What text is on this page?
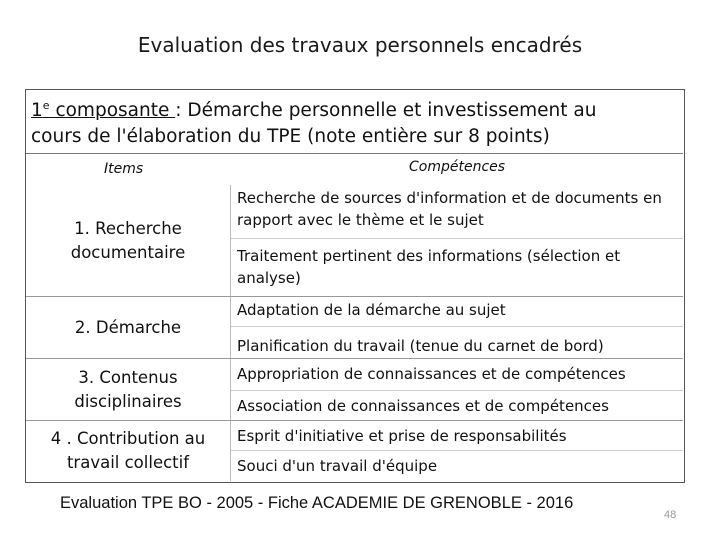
Evaluation des travaux personnels encadrés
1e composante : Démarche personnelle et investissement au
cours de l'élaboration du TPE (note entière sur 8 points)
Items	Compétences
1. Recherche documentaire
Recherche de sources d'information et de documents en rapport avec le thème et le sujet
Traitement pertinent des informations (sélection et analyse)
2. Démarche
Adaptation de la démarche au sujet
Planification du travail (tenue du carnet de bord)
3. Contenus disciplinaires
Appropriation de connaissances et de compétences
Association de connaissances et de compétences
4 . Contribution au travail collectif
Esprit d'initiative et prise de responsabilités
Souci d'un travail d'équipe
Evaluation TPE BO - 2005 - Fiche ACADEMIE DE GRENOBLE - 2016
48
